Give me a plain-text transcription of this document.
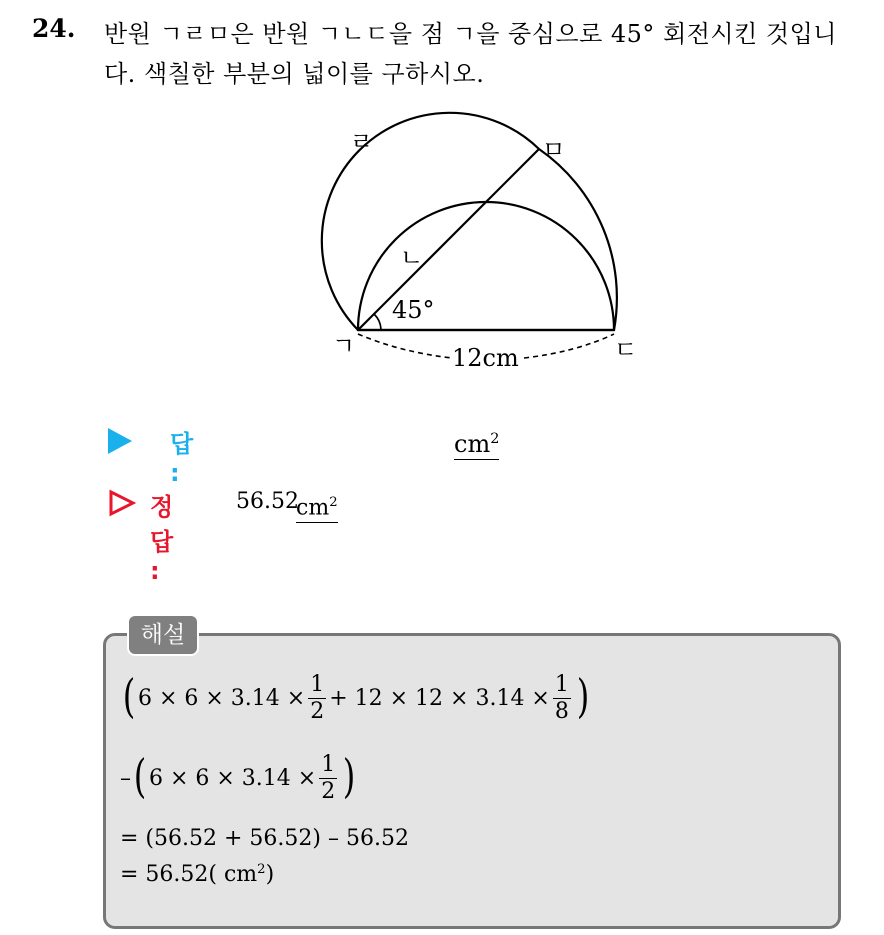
24. 반원 ㄱㄹㅁ은 반원 ㄱㄴㄷ을 점 ㄱ을 중심으로 45° 회전시킨 것입니
다. 색칠한 부분의 넓이를 구하시오.
ㄹ	ㅁ
ㄴ
45°
ㄱ	ㄷ
12cm
답 :
$cm^2$
정답 :
56.52
$cm^2$
해설
( $6 \times 6 \times 3.14 \times \frac{1}{2} + 12 \times 12 \times 3.14 \times \frac{1}{8}$ )
– ( $6 \times 6 \times 3.14 \times \frac{1}{2}$ )
= (56.52 + 56.52) – 56.52
= 56.52( $cm^2$ )
